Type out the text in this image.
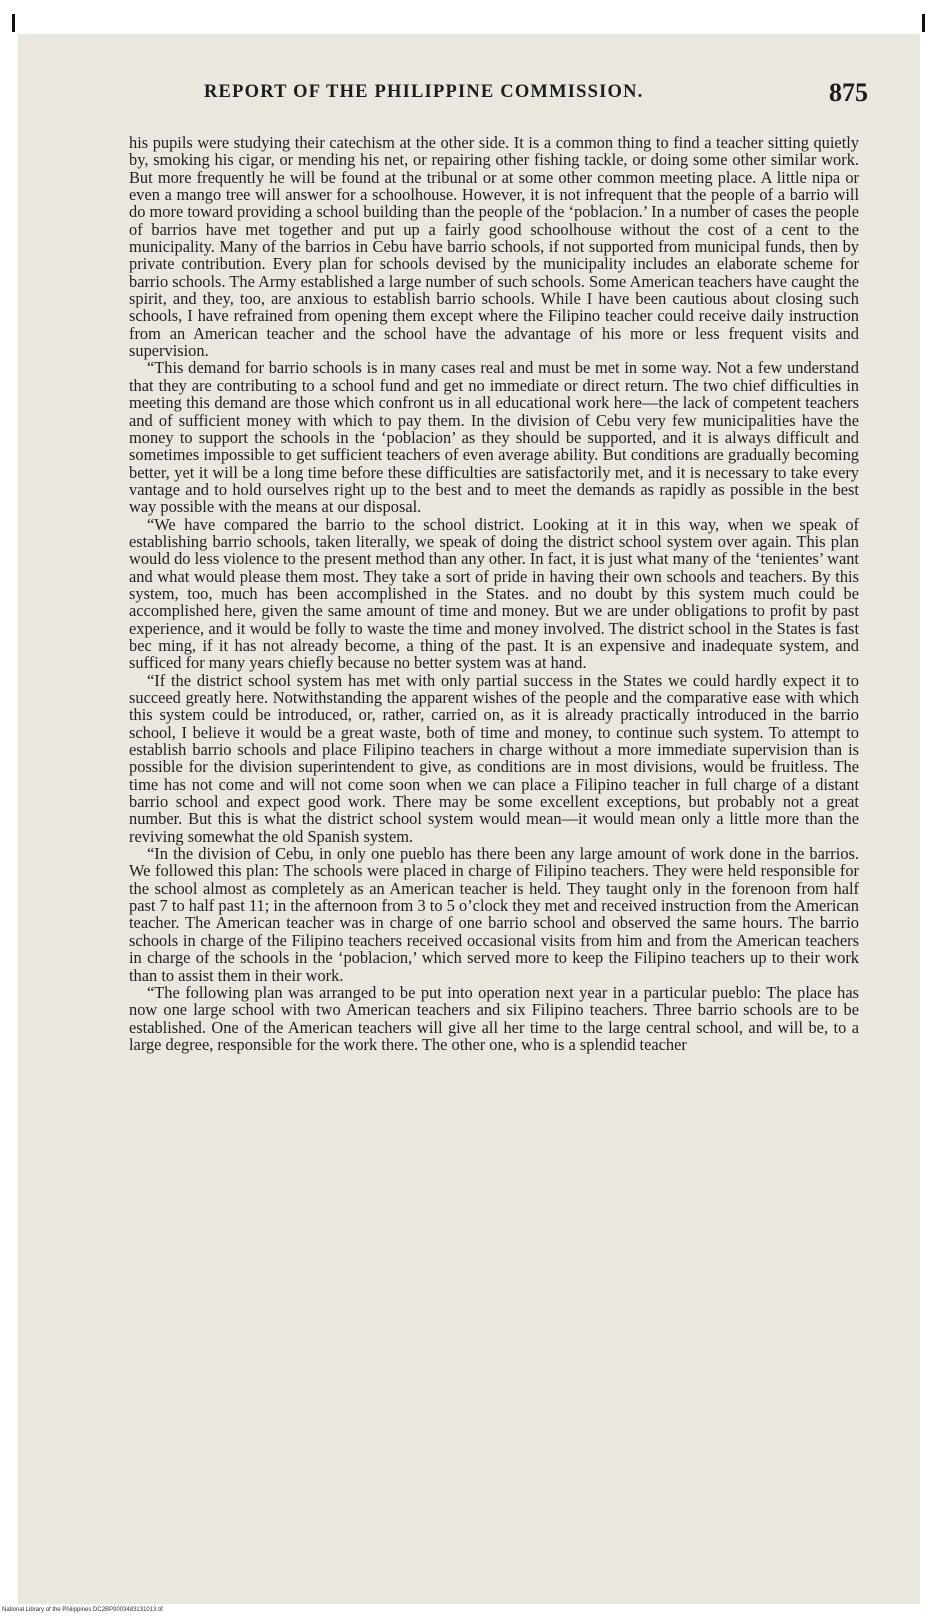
REPORT OF THE PHILIPPINE COMMISSION.	875

his pupils were studying their catechism at the other side. It is a common thing to find a teacher sitting quietly by, smoking his cigar, or mending his net, or repairing other fishing tackle, or doing some other similar work. But more frequently he will be found at the tribunal or at some other common meeting place. A little nipa or even a mango tree will answer for a schoolhouse. However, it is not infrequent that the people of a barrio will do more toward providing a school building than the people of the ‘poblacion.’ In a number of cases the people of barrios have met together and put up a fairly good schoolhouse without the cost of a cent to the municipality. Many of the barrios in Cebu have barrio schools, if not supported from municipal funds, then by private contribution. Every plan for schools devised by the municipality includes an elaborate scheme for barrio schools. The Army established a large number of such schools. Some American teachers have caught the spirit, and they, too, are anxious to establish barrio schools. While I have been cautious about closing such schools, I have refrained from opening them except where the Filipino teacher could receive daily instruction from an American teacher and the school have the advantage of his more or less frequent visits and supervision.

“This demand for barrio schools is in many cases real and must be met in some way. Not a few understand that they are contributing to a school fund and get no immediate or direct return. The two chief difficulties in meeting this demand are those which confront us in all educational work here—the lack of competent teachers and of sufficient money with which to pay them. In the division of Cebu very few municipalities have the money to support the schools in the ‘poblacion’ as they should be supported, and it is always difficult and sometimes impossible to get sufficient teachers of even average ability. But conditions are gradually becoming better, yet it will be a long time before these difficulties are satisfactorily met, and it is necessary to take every vantage and to hold ourselves right up to the best and to meet the demands as rapidly as possible in the best way possible with the means at our disposal.

“We have compared the barrio to the school district. Looking at it in this way, when we speak of establishing barrio schools, taken literally, we speak of doing the district school system over again. This plan would do less violence to the present method than any other. In fact, it is just what many of the ‘tenientes’ want and what would please them most. They take a sort of pride in having their own schools and teachers. By this system, too, much has been accomplished in the States. and no doubt by this system much could be accomplished here, given the same amount of time and money. But we are under obligations to profit by past experience, and it would be folly to waste the time and money involved. The district school in the States is fast bec ming, if it has not already become, a thing of the past. It is an expensive and inadequate system, and sufficed for many years chiefly because no better system was at hand.

“If the district school system has met with only partial success in the States we could hardly expect it to succeed greatly here. Notwithstanding the apparent wishes of the people and the comparative ease with which this system could be introduced, or, rather, carried on, as it is already practically introduced in the barrio school, I believe it would be a great waste, both of time and money, to continue such system. To attempt to establish barrio schools and place Filipino teachers in charge without a more immediate supervision than is possible for the division superintendent to give, as conditions are in most divisions, would be fruitless. The time has not come and will not come soon when we can place a Filipino teacher in full charge of a distant barrio school and expect good work. There may be some excellent exceptions, but probably not a great number. But this is what the district school system would mean—it would mean only a little more than the reviving somewhat the old Spanish system.

“In the division of Cebu, in only one pueblo has there been any large amount of work done in the barrios. We followed this plan: The schools were placed in charge of Filipino teachers. They were held responsible for the school almost as completely as an American teacher is held. They taught only in the forenoon from half past 7 to half past 11; in the afternoon from 3 to 5 o’clock they met and received instruction from the American teacher. The American teacher was in charge of one barrio school and observed the same hours. The barrio schools in charge of the Filipino teachers received occasional visits from him and from the American teachers in charge of the schools in the ‘poblacion,’ which served more to keep the Filipino teachers up to their work than to assist them in their work.

“The following plan was arranged to be put into operation next year in a particular pueblo: The place has now one large school with two American teachers and six Filipino teachers. Three barrio schools are to be established. One of the American teachers will give all her time to the large central school, and will be, to a large degree, responsible for the work there. The other one, who is a splendid teacher

National Library of the Philippines DC2BP0003483131013.tif
